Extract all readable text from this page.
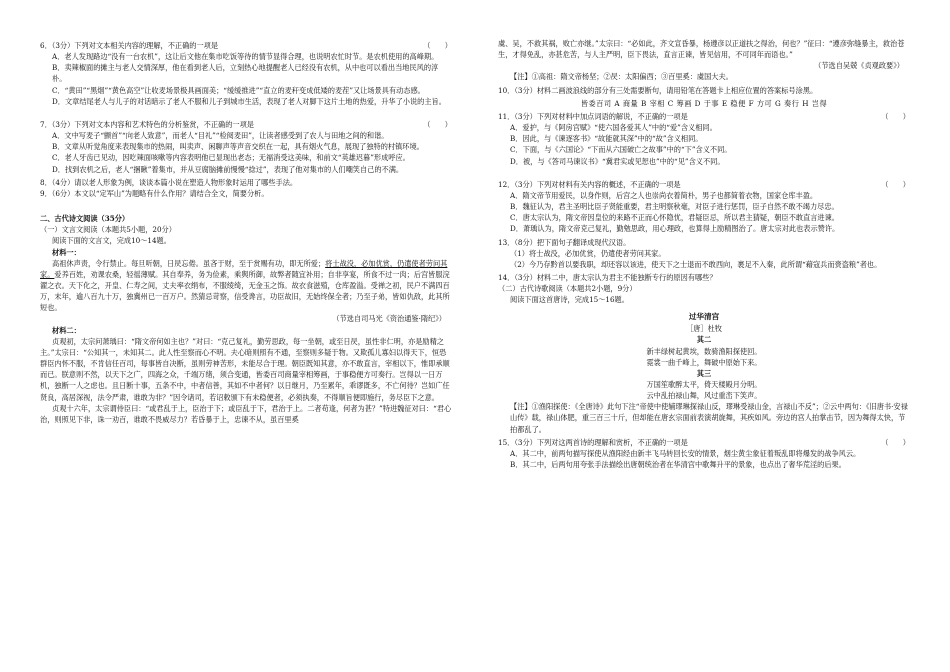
6．（3分）下列对文本相关内容的理解，不正确的一项是	（　　）

A．老人发现路边“没有一台农机”，这让后文他在集市吃饭等待的情节显得合理，也说明农忙时节。是农机使用的高峰期。

B．卖辣椒面的摊主与老人交情深厚，他在看到老人后，立刻热心地提醒老人已经没有农机，从中也可以看出当地民风的淳朴。

C．“黄田”“黑烟”“黄色高空”让收麦场景极具画面美；“缓缓推进”“直立的麦秆变成低矮的麦茬”又让场景具有动态感。

D．文章结尾老人与儿子的对话暗示了老人不服和儿子到城市生活，表现了老人对脚下这片土地的热爱，升华了小说的主旨。

7．（3分）下列对文本内容和艺术特色的分析鉴赏，不正确的一项是	（　　）

A．文中写麦子“颤首”“向老人致意”，而老人“目礼”“检阅麦田”，让读者感受到了农人与田地之间的和谐。

B．文章从听觉角度来表现集市的热闹，叫卖声、闲聊声等声音交织在一起，具有烟火气息，展现了独特的村镇环境。

C．老人牙齿已见动，因吃辣面咳嗽等内容表明他已显现出老态；无福消受这美味，和前文“英雄迟暮”形成呼应。

D．找到农机之后，老人“捆瞅”着集市，并从豆腐脑摊前慢慢“捻过”，表现了他对集市的人们嘲笑自己的不满。

8．（4分）请以老人形象为例，谈谈本篇小说在塑造人物形象时运用了哪些手法。

9．（6分）本文以“定军山”为题略有什么作用？请结合全文，简要分析。

二、古代诗文阅读（35分）

（一）文言文阅读（本题共5小题，20分）

阅读下面的文言文，完成10～14题。

材料一：

高祖休声责，令行禁止。每旦听朝，日昃忘倦。虽吝于财，至于赏赐有功，即无所爱；将士战没，必加优赏，仍遣使者劳问其家。爱养百姓，劝课农桑，轻徭薄赋。其自奉养，务为俭素，乘舆所御，故弊者随宜补用；自非享宴，所食不过一肉；后宫皆服浣濯之衣。天下化之，开皇、仁寿之间，丈夫率衣绢布，不服绫绮，无金玉之饰。故衣食滋殖，仓库盈溢。受禅之初，民户不满四百万，末年，逾八百九十万，独冀州已一百万户。然猜忌苛察，信受谗言，功臣故旧，无始终保全者；乃至子弟，皆如仇敌，此其所短也。

（节选自司马光《资治通鉴·隋纪》）

材料二：

贞观初，太宗问萧瑀曰：“隋文帝何如主也？”对曰：“克己复礼，勤劳思政，每一坐朝，或至日昃，虽性非仁明，亦是励精之主。”太宗曰：“公知其一，未知其二。此人性至察而心不明。夫心暗则照有不通，至察则多疑于物。又欺孤儿寡妇以得天下，恒恐群臣内怀不服，不肯信任百司，每事皆自决断，虽则劳神苦形，未能尽合于理。朝臣既知其意，亦不敢直言，宰相以下，惟即承顺而已。朕意则不然，以天下之广，四海之众，千端万绪，须合变通，皆委百司商量宰相筹画，于事稳便方可奏行。岂得以一日万机，独断一人之虑也。且日断十事，五条不中，中者信善，其如不中者何？以日继月，乃至累年，乖谬既多，不亡何待？岂如广任贤良，高居深视，法令严肃，谁敢为非？”因令诸司，若诏敕颁下有未稳便者，必须执奏，不得顺旨便即施行，务尽臣下之意。

贞观十六年，太宗谓侍臣曰：“或君乱于上，臣治于下；或臣乱于下，君治于上。二者苟逢，何者为甚？”特进魏征对曰：“君心治，则照见下非，诛一劝百，谁敢不畏威尽力？若昏暴于上，忠谏不从，虽百里奚

虞、吴，不救其祸，败亡亦继。”太宗曰：“必如此，齐文宣昏暴，杨遵彦以正道扶之得治，何也？”征曰：“遵彦弥缝暴主，救治苍生，才得免乱，亦甚危苦，与人主严明，臣下畏法，直言正谏，皆见信用，不可同年而语也。”

（节选自吴兢《贞观政要》）

【注】①高祖：隋文帝杨坚；②昃：太阳偏西；③百里奚：虞国大夫。

10．（3分）材料二画波浪线的部分有三处需要断句，请用铅笔在答题卡上相应位置的答案标号涂黑。

皆委百司 A 商量 B 宰相 C 筹画 D 于事 E 稳便 F 方可 G 奏行 H 岂得

11．（3分）下列对材料中加点词语的解说，不正确的一项是	（　　）

A．爱护，与《阿房宫赋》“使六国各爱其人”中的“爱”含义相同。

B．因此，与《谏逐客书》“故能就其深”中的“故”含义相同。

C．下面，与《六国论》“下而从六国破亡之故事”中的“下”含义不同。

D．被，与《答司马谏议书》“冀君实或见恕也”中的“见”含义不同。

12．（3分）下列对材料有关内容的概述，不正确的一项是	（　　）

A．隋文帝节用爱民，以身作则，后宫之人也崇尚衣着简朴，男子也都简着衣物，国家仓库丰盈。

B．魏征认为，君主圣明比臣子贤能重要，君主明察秋毫，对臣子进行惩罚，臣子自然不敢不竭力尽忠。

C．唐太宗认为，隋文帝因皇位的来路不正而心怀隐忧，君疑臣忌，所以君主猜疑，朝臣不敢直言进谏。

D．萧瑀认为，隋文帝克己复礼，勤勉思政，用心理政，也算得上励精图治了。唐太宗对此也表示赞许。

13．（8分）把下面句子翻译成现代汉语。

（1）将士战没，必加优赏，仍遣使者劳问其家。

（2）今乃存黔首以要我职，却还容以该进，使天下之士退而不敢西向，裹足不入秦，此所谓“藉寇兵而赍盗粮”者也。

14．（3分）材料二中，唐太宗认为君主不能独断专行的原因有哪些？

（二）古代诗歌阅读（本题共2小题，9分）

阅读下面这首唐诗，完成15～16题。

过华清宫

［唐］杜牧

其二

新丰绿树起黄埃，数骑渔阳探使回。

霓裳一曲千峰上，舞破中原始下来。

其三

万国笙歌醉太平，倚天楼殿月分明。

云中乱拍禄山舞，风过重峦下笑声。

【注】①渔阳探使：《全唐诗》此句下注“帝使中使辅璆琳探禄山反，璆琳受禄山金，言禄山不反”；②云中两句：《旧唐书·安禄山传》载，禄山体肥，重三百三十斤，但却能在唐玄宗面前表演胡旋舞，其疾如风。旁边的宫人拍掌击节，因为舞得太快，节拍都乱了。

15．（3分）下列对这两首诗的理解和赏析，不正确的一项是	（　　）

A．其二中，前两句描写探使从渔阳经由新丰飞马转回长安的情景，烟尘黄尘象征着叛乱即将爆发的战争风云。

B．其二中，后两句用夸张手法描绘出唐朝统治者在华清宫中歌舞升平的景象，也点出了奢华荒淫的后果。
